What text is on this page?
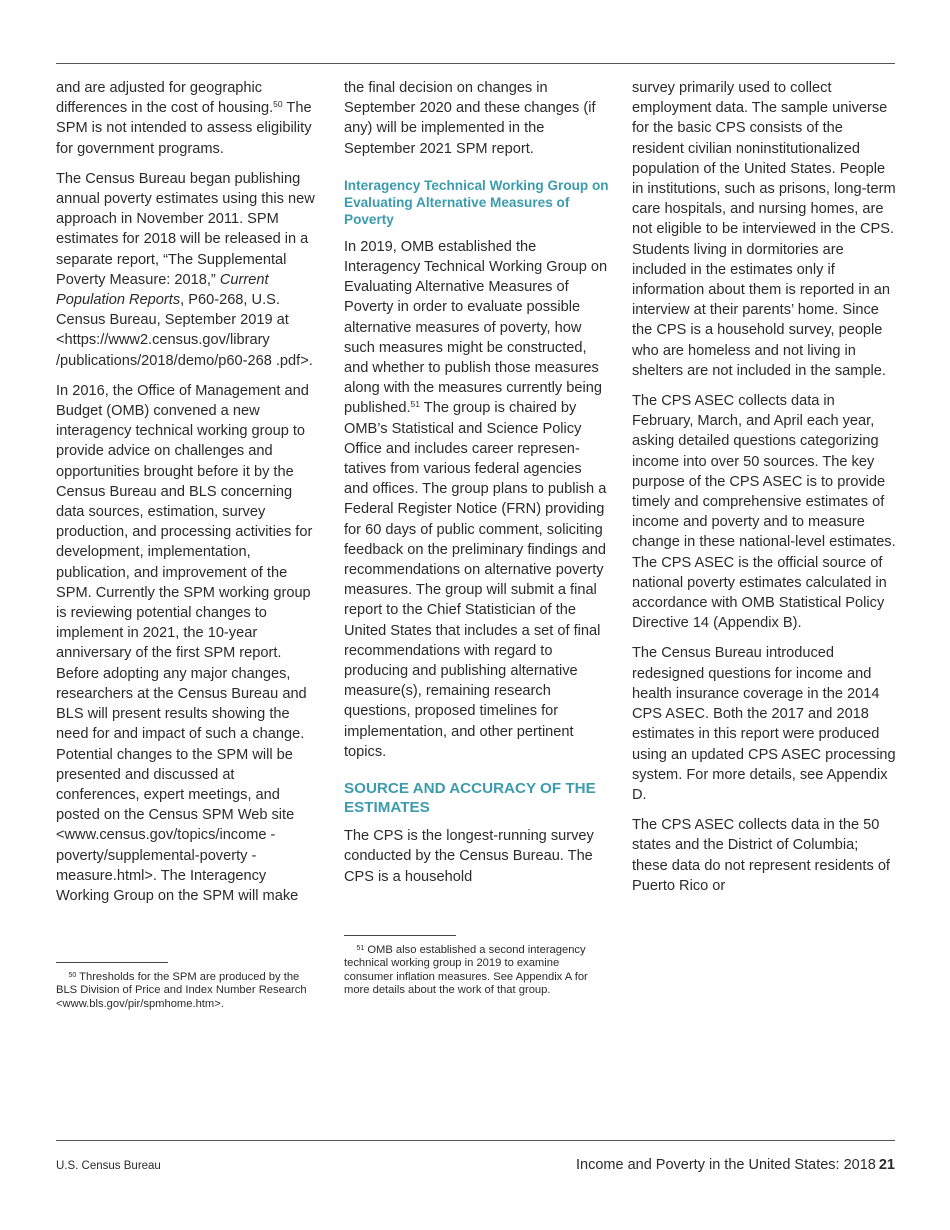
and are adjusted for geographic differences in the cost of housing.$^{50}$ The SPM is not intended to assess eligibility for government programs.

The Census Bureau began publishing annual poverty estimates using this new approach in November 2011. SPM estimates for 2018 will be released in a separate report, “The Supplemental Poverty Measure: 2018,” Current Population Reports, P60-268, U.S. Census Bureau, September 2019 at <https://www2.census.gov/library /publications/2018/demo/p60-268 .pdf>.

In 2016, the Office of Management and Budget (OMB) convened a new interagency technical working group to provide advice on challenges and opportunities brought before it by the Census Bureau and BLS concerning data sources, estimation, survey production, and processing activities for development, implementation, publication, and improvement of the SPM. Currently the SPM working group is reviewing potential changes to implement in 2021, the 10-year anniversary of the first SPM report. Before adopting any major changes, researchers at the Census Bureau and BLS will present results showing the need for and impact of such a change. Potential changes to the SPM will be presented and discussed at conferences, expert meetings, and posted on the Census SPM Web site <www.census.gov/topics/income -poverty/supplemental-poverty -measure.html>. The Interagency Working Group on the SPM will make

the final decision on changes in September 2020 and these changes (if any) will be implemented in the September 2021 SPM report.

Interagency Technical Working Group on Evaluating Alternative Measures of Poverty

In 2019, OMB established the Interagency Technical Working Group on Evaluating Alternative Measures of Poverty in order to evaluate possible alternative measures of poverty, how such measures might be constructed, and whether to publish those measures along with the measures currently being published.$^{51}$ The group is chaired by OMB’s Statistical and Science Policy Office and includes career representatives from various federal agencies and offices. The group plans to publish a Federal Register Notice (FRN) providing for 60 days of public comment, soliciting feedback on the preliminary findings and recommendations on alternative poverty measures. The group will submit a final report to the Chief Statistician of the United States that includes a set of final recommendations with regard to producing and publishing alternative measure(s), remaining research questions, proposed timelines for implementation, and other pertinent topics.

SOURCE AND ACCURACY OF THE ESTIMATES

The CPS is the longest-running survey conducted by the Census Bureau. The CPS is a household

survey primarily used to collect employment data. The sample universe for the basic CPS consists of the resident civilian noninstitutionalized population of the United States. People in institutions, such as prisons, long-term care hospitals, and nursing homes, are not eligible to be interviewed in the CPS. Students living in dormitories are included in the estimates only if information about them is reported in an interview at their parents’ home. Since the CPS is a household survey, people who are homeless and not living in shelters are not included in the sample.

The CPS ASEC collects data in February, March, and April each year, asking detailed questions categorizing income into over 50 sources. The key purpose of the CPS ASEC is to provide timely and comprehensive estimates of income and poverty and to measure change in these national-level estimates. The CPS ASEC is the official source of national poverty estimates calculated in accordance with OMB Statistical Policy Directive 14 (Appendix B).

The Census Bureau introduced redesigned questions for income and health insurance coverage in the 2014 CPS ASEC. Both the 2017 and 2018 estimates in this report were produced using an updated CPS ASEC processing system. For more details, see Appendix D.

The CPS ASEC collects data in the 50 states and the District of Columbia; these data do not represent residents of Puerto Rico or

$^{50}$ Thresholds for the SPM are produced by the BLS Division of Price and Index Number Research <www.bls.gov/pir/spmhome.htm>.

$^{51}$ OMB also established a second interagency technical working group in 2019 to examine consumer inflation measures. See Appendix A for more details about the work of that group.

U.S. Census Bureau	Income and Poverty in the United States: 2018 21
